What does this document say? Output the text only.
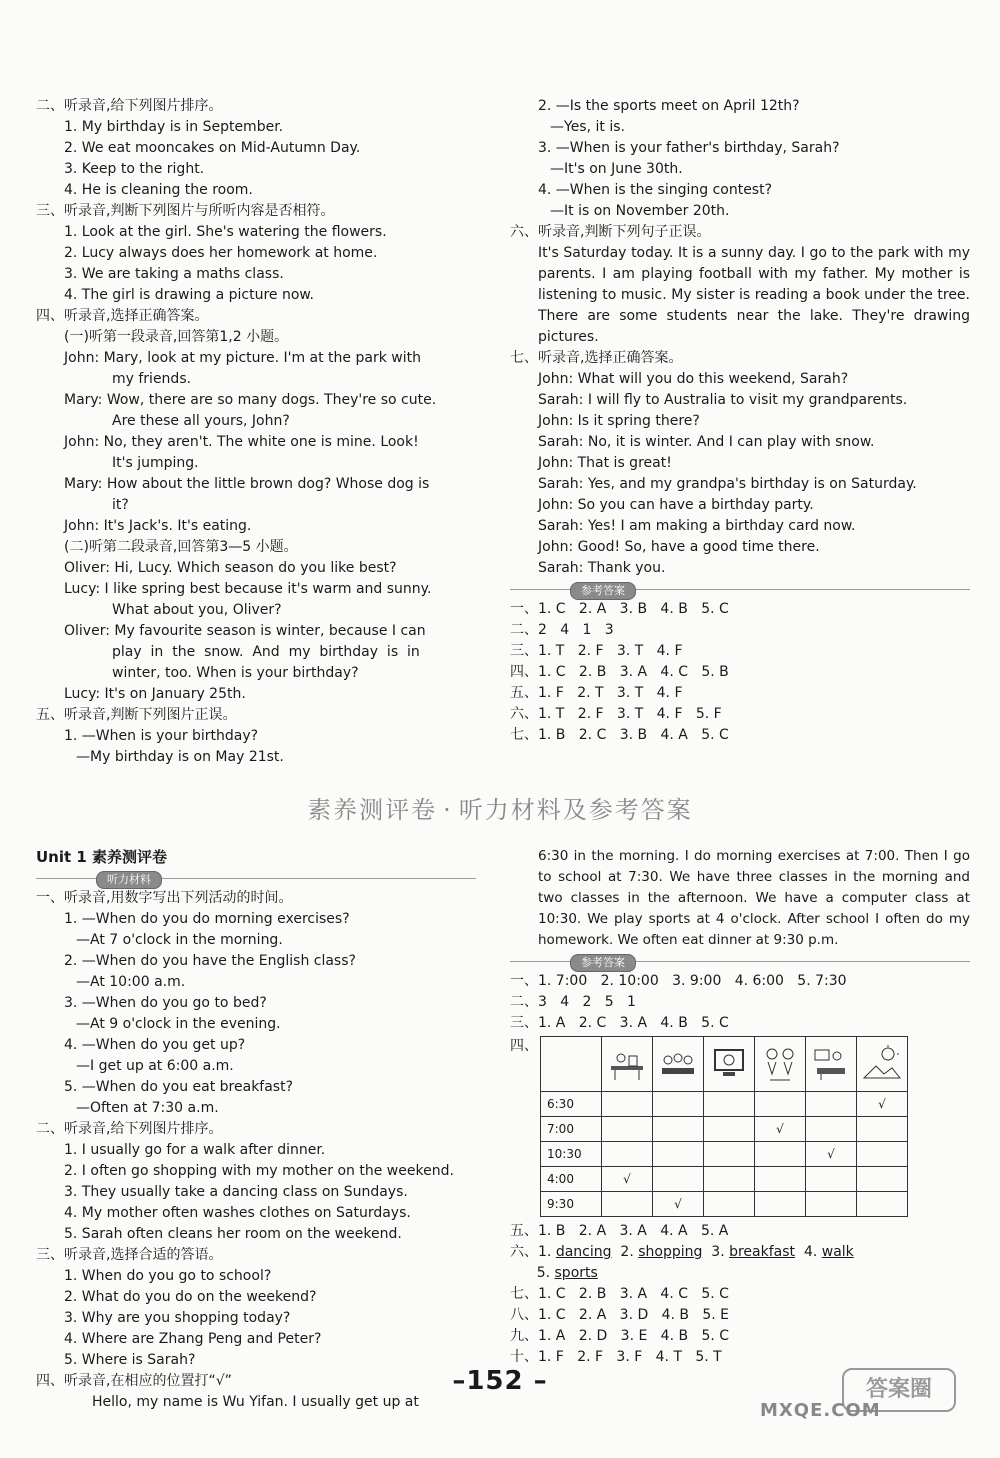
二、听录音,给下列图片排序。
1. My birthday is in September.
2. We eat mooncakes on Mid-Autumn Day.
3. Keep to the right.
4. He is cleaning the room.
三、听录音,判断下列图片与所听内容是否相符。
1. Look at the girl. She's watering the flowers.
2. Lucy always does her homework at home.
3. We are taking a maths class.
4. The girl is drawing a picture now.
四、听录音,选择正确答案。
(一)听第一段录音,回答第1,2 小题。
John: Mary, look at my picture. I'm at the park with
my friends.
Mary: Wow, there are so many dogs. They're so cute.
Are these all yours, John?
John: No, they aren't. The white one is mine. Look!
It's jumping.
Mary: How about the little brown dog? Whose dog is
it?
John: It's Jack's. It's eating.
(二)听第二段录音,回答第3—5 小题。
Oliver: Hi, Lucy. Which season do you like best?
Lucy: I like spring best because it's warm and sunny.
What about you, Oliver?
Oliver: My favourite season is winter, because I can
play  in  the  snow.  And  my  birthday  is  in
winter, too. When is your birthday?
Lucy: It's on January 25th.
五、听录音,判断下列图片正误。
1. —When is your birthday?
—My birthday is on May 21st.
2. —Is the sports meet on April 12th?
—Yes, it is.
3. —When is your father's birthday, Sarah?
—It's on June 30th.
4. —When is the singing contest?
—It is on November 20th.
六、听录音,判断下列句子正误。
It's Saturday today. It is a sunny day. I go to the park with my parents. I am playing football with my father. My mother is listening to music. My sister is reading a book under the tree. There are some students near the lake. They're drawing pictures.
七、听录音,选择正确答案。
John: What will you do this weekend, Sarah?
Sarah: I will fly to Australia to visit my grandparents.
John: Is it spring there?
Sarah: No, it is winter. And I can play with snow.
John: That is great!
Sarah: Yes, and my grandpa's birthday is on Saturday.
John: So you can have a birthday party.
Sarah: Yes! I am making a birthday card now.
John: Good! So, have a good time there.
Sarah: Thank you.
参考答案
一、1. C   2. A   3. B   4. B   5. C
二、2   4   1   3
三、1. T   2. F   3. T   4. F
四、1. C   2. B   3. A   4. C   5. B
五、1. F   2. T   3. T   4. F
六、1. T   2. F   3. T   4. F   5. F
七、1. B   2. C   3. B   4. A   5. C
素养测评卷 · 听力材料及参考答案
Unit 1 素养测评卷
听力材料
一、听录音,用数字写出下列活动的时间。
1. —When do you do morning exercises?
—At 7 o'clock in the morning.
2. —When do you have the English class?
—At 10:00 a.m.
3. —When do you go to bed?
—At 9 o'clock in the evening.
4. —When do you get up?
—I get up at 6:00 a.m.
5. —When do you eat breakfast?
—Often at 7:30 a.m.
二、听录音,给下列图片排序。
1. I usually go for a walk after dinner.
2. I often go shopping with my mother on the weekend.
3. They usually take a dancing class on Sundays.
4. My mother often washes clothes on Saturdays.
5. Sarah often cleans her room on the weekend.
三、听录音,选择合适的答语。
1. When do you go to school?
2. What do you do on the weekend?
3. Why are you shopping today?
4. Where are Zhang Peng and Peter?
5. Where is Sarah?
四、听录音,在相应的位置打“√”
Hello, my name is Wu Yifan. I usually get up at
6:30 in the morning. I do morning exercises at 7:00. Then I go to school at 7:30. We have three classes in the morning and two classes in the afternoon. We have a computer class at 10:30. We play sports at 4 o'clock. After school I often do my homework. We often eat dinner at 9:30 p.m.
参考答案
一、1. 7:00   2. 10:00   3. 9:00   4. 6:00   5. 7:30
二、3   4   2   5   1
三、1. A   2. C   3. A   4. B   5. C
四、

6:30						√
7:00				√		
10:30					√	
4:00	√					
9:30		√				
五、1. B   2. A   3. A   4. A   5. A
六、1. dancing 2. shopping 3. breakfast 4. walk
5. sports
七、1. C   2. B   3. A   4. C   5. C
八、1. C   2. A   3. D   4. B   5. E
九、1. A   2. D   3. E   4. B   5. C
十、1. F   2. F   3. F   4. T   5. T
–152 –	答案圈
MXQE.COM
